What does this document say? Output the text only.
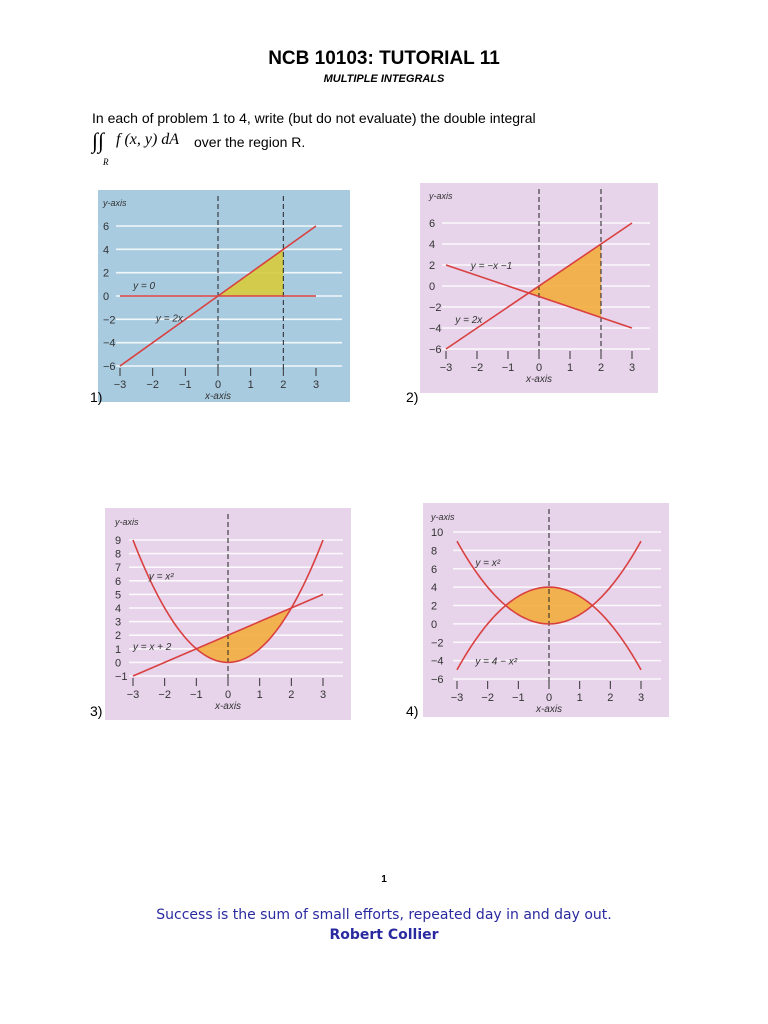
NCB 10103: TUTORIAL 11
MULTIPLE INTEGRALS
In each of problem 1 to 4, write (but do not evaluate) the double integral
∫∫
R
f (x, y) dA over the region R.
6
4
2
0
−2
−4
−6
y-axis
y = 0
y = 2x
−3 −2 −1 0 1 2 3
x-axis
1)
6
4
2
0
−2
−4
−6
y-axis
y = −x −1
y = 2x
−3 −2 −1 0 1 2 3
x-axis
2)
9
8
7
6
5
4
3
2
1
0
−1
y-axis
y = x²
y = x + 2
−3 −2 −1 0 1 2 3
x-axis
3)
10
8
6
4
2
0
−2
−4
−6
y-axis
y = x²
y = 4 − x²
−3 −2 −1 0 1 2 3
x-axis
4)
1
Success is the sum of small efforts, repeated day in and day out.
Robert Collier
